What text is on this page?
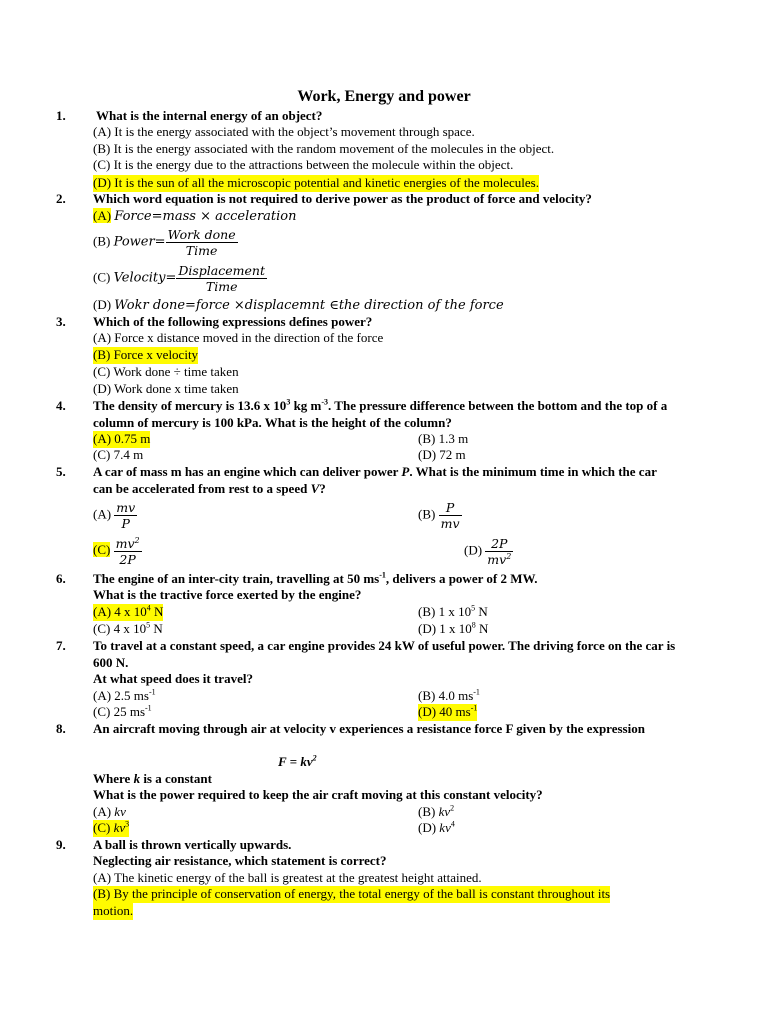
Work, Energy and power
1. What is the internal energy of an object?
(A) It is the energy associated with the object’s movement through space.
(B) It is the energy associated with the random movement of the molecules in the object.
(C) It is the energy due to the attractions between the molecule within the object.
(D) It is the sun of all the microscopic potential and kinetic energies of the molecules.
2. Which word equation is not required to derive power as the product of force and velocity?
(A) Force=mass × acceleration
(B) Power= $\frac{\text{Work done}}{\text{Time}}$
(C) Velocity= $\frac{\text{Displacement}}{\text{Time}}$
(D) Wokr done=force ×displacemnt ∈the direction of the force
3. Which of the following expressions defines power?
(A) Force x distance moved in the direction of the force
(B) Force x velocity
(C) Work done ÷ time taken
(D) Work done x time taken
4. The density of mercury is 13.6 x $10^3$ kg $m^{-3}$. The pressure difference between the bottom and the top of a column of mercury is 100 kPa. What is the height of the column?
(A) 0.75 m	(B) 1.3 m
(C) 7.4 m	(D) 72 m
5. A car of mass m has an engine which can deliver power P. What is the minimum time in which the car can be accelerated from rest to a speed V?
$(A) \frac{mv}{P}$	$(B) \frac{P}{mv}$
$(C) \frac{mv^2}{2P}$	$(D) \frac{2P}{mv^2}$
6. The engine of an inter-city train, travelling at 50 $ms^{-1}$, delivers a power of 2 MW.
What is the tractive force exerted by the engine?
(A) 4 x $10^4$ N	(B) 1 x $10^5$ N
(C) 4 x $10^5$ N	(D) 1 x $10^8$ N
7. To travel at a constant speed, a car engine provides 24 kW of useful power. The driving force on the car is 600 N.
At what speed does it travel?
(A) 2.5 $ms^{-1}$	(B) 4.0 $ms^{-1}$
(C) 25 $ms^{-1}$	(D) 40 $ms^{-1}$
8. An aircraft moving through air at velocity v experiences a resistance force F given by the expression
$F = kv^2$
Where k is a constant
What is the power required to keep the air craft moving at this constant velocity?
(A) kv	(B) $kv^2$
(C) $kv^3$	(D) $kv^4$
9. A ball is thrown vertically upwards.
Neglecting air resistance, which statement is correct?
(A) The kinetic energy of the ball is greatest at the greatest height attained.
(B) By the principle of conservation of energy, the total energy of the ball is constant throughout its
motion.
